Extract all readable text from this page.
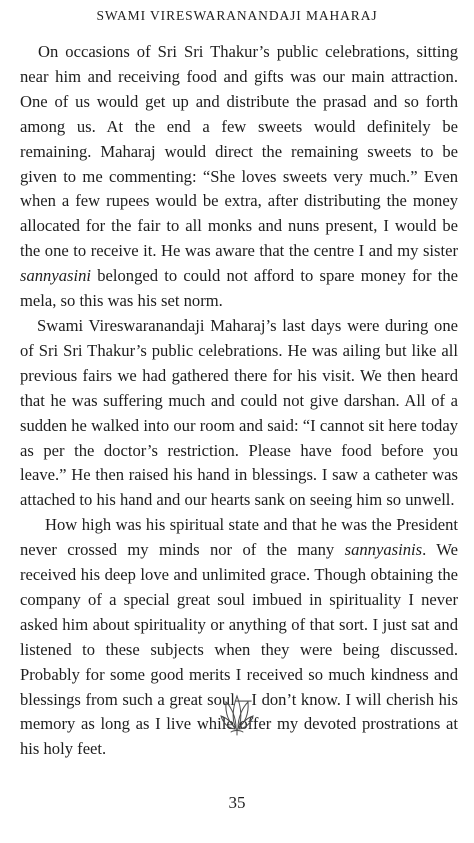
SWAMI VIRESWARANANDAJI MAHARAJ

On occasions of Sri Sri Thakur’s public celebrations, sitting near him and receiving food and gifts was our main attraction. One of us would get up and distribute the prasad and so forth among us. At the end a few sweets would definitely be remaining. Maharaj would direct the remaining sweets to be given to me commenting: “She loves sweets very much.” Even when a few rupees would be extra, after distributing the money allocated for the fair to all monks and nuns present, I would be the one to receive it. He was aware that the centre I and my sister sannyasini belonged to could not afford to spare money for the mela, so this was his set norm.

Swami Vireswaranandaji Maharaj’s last days were during one of Sri Sri Thakur’s public celebrations. He was ailing but like all previous fairs we had gathered there for his visit. We then heard that he was suffering much and could not give darshan. All of a sudden he walked into our room and said: “I cannot sit here today as per the doctor’s restriction. Please have food before you leave.” He then raised his hand in blessings. I saw a catheter was attached to his hand and our hearts sank on seeing him so unwell.

How high was his spiritual state and that he was the President never crossed my minds nor of the many sannyasinis. We received his deep love and unlimited grace. Though obtaining the company of a special great soul imbued in spirituality I never asked him about spirituality or anything of that sort. I just sat and listened to these subjects when they were being discussed. Probably for some good merits I received so much kindness and blessings from such a great soul—I don’t know. I will cherish his memory as long as I live while offer my devoted prostrations at his holy feet.

35
